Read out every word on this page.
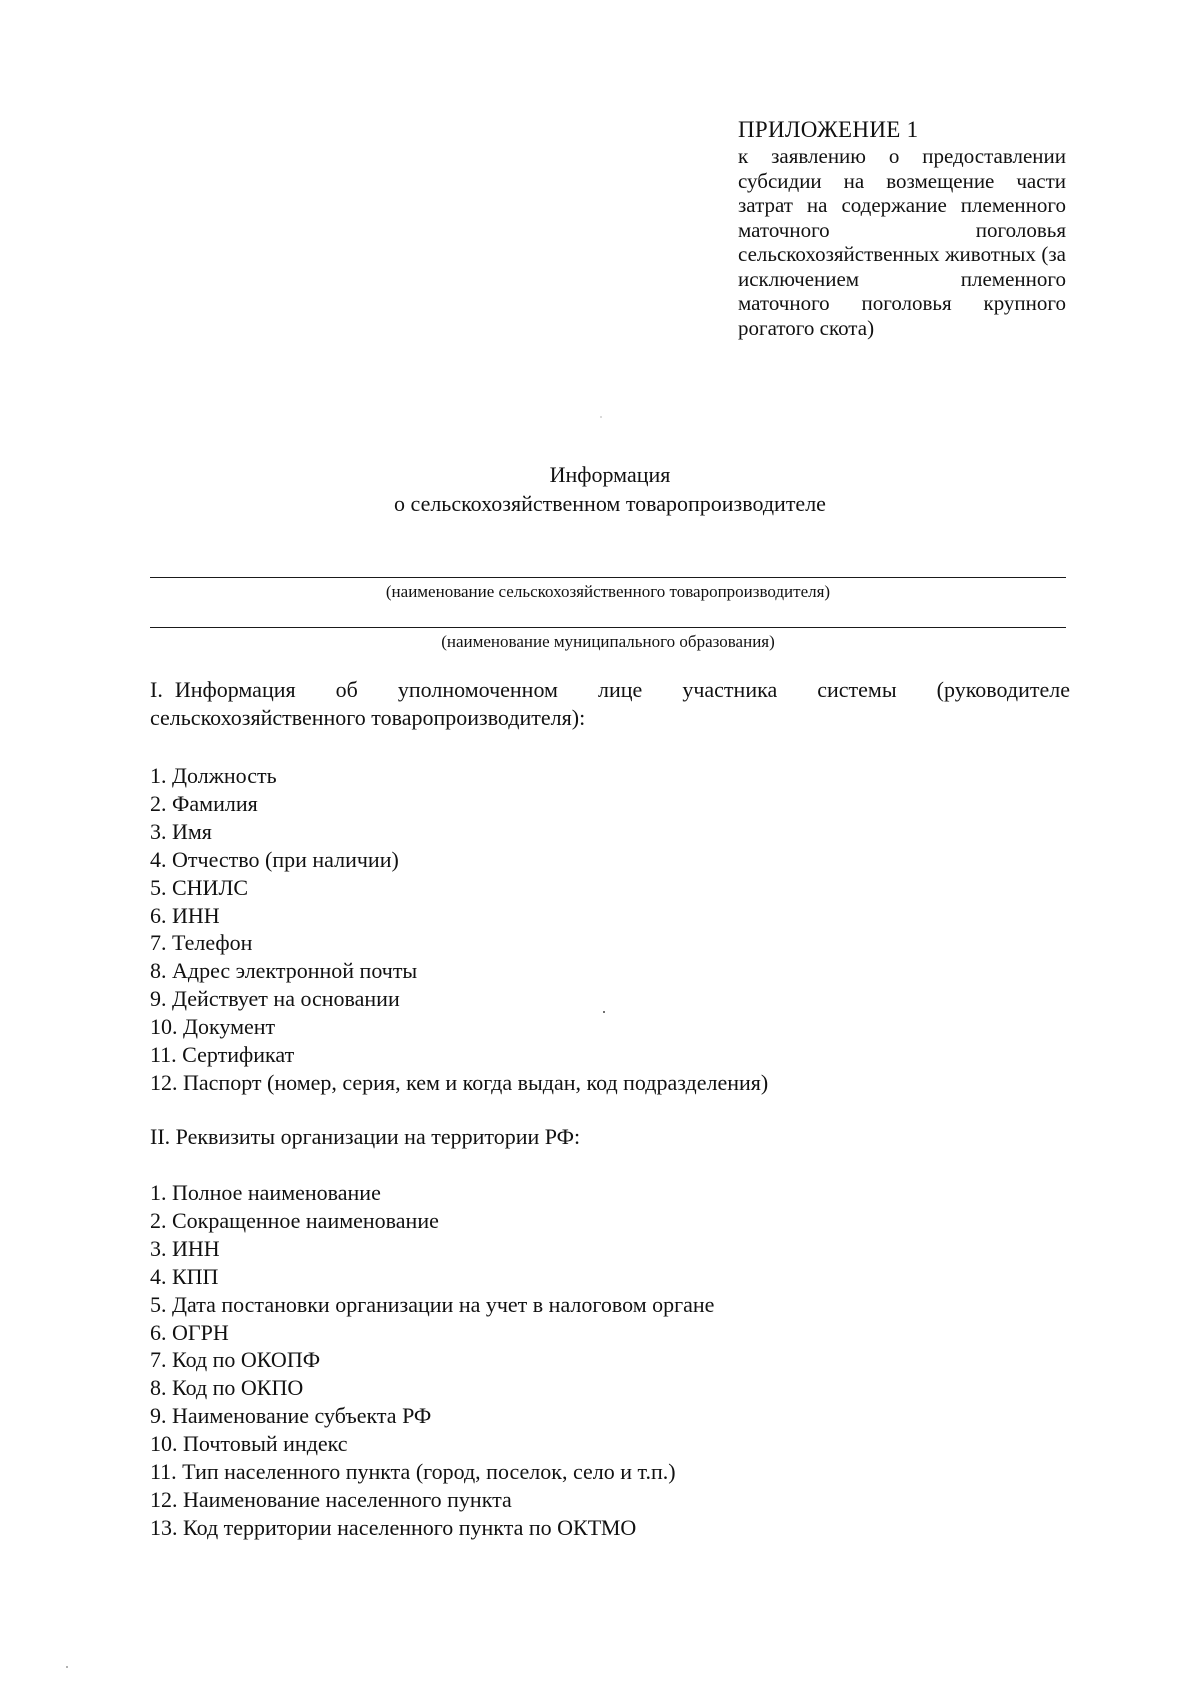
ПРИЛОЖЕНИЕ 1
к заявлению о предоставлении субсидии на возмещение части затрат на содержание племенного маточного поголовья сельскохозяйственных животных (за исключением племенного маточного поголовья крупного рогатого скота)
Информация
о сельскохозяйственном товаропроизводителе
(наименование сельскохозяйственного товаропроизводителя)
(наименование муниципального образования)
I. Информация об уполномоченном лице участника системы (руководителе сельскохозяйственного товаропроизводителя):
1. Должность
2. Фамилия
3. Имя
4. Отчество (при наличии)
5. СНИЛС
6. ИНН
7. Телефон
8. Адрес электронной почты
9. Действует на основании
10. Документ
11. Сертификат
12. Паспорт (номер, серия, кем и когда выдан, код подразделения)
II. Реквизиты организации на территории РФ:
1. Полное наименование
2. Сокращенное наименование
3. ИНН
4. КПП
5. Дата постановки организации на учет в налоговом органе
6. ОГРН
7. Код по ОКОПФ
8. Код по ОКПО
9. Наименование субъекта РФ
10. Почтовый индекс
11. Тип населенного пункта (город, поселок, село и т.п.)
12. Наименование населенного пункта
13. Код территории населенного пункта по ОКТМО
